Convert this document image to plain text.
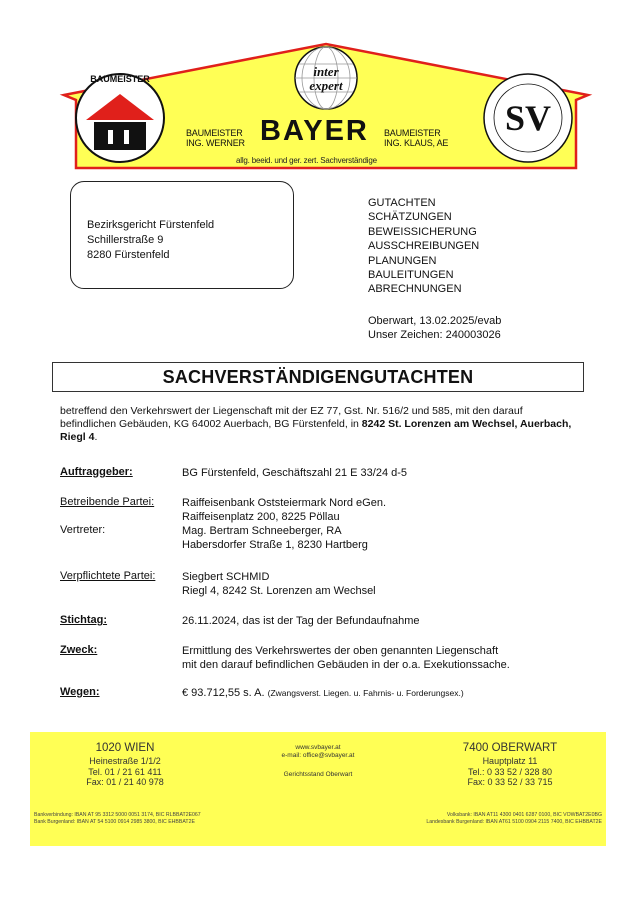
inter
expert
SV
BAUMEISTER
BAUMEISTER
ING. WERNER BAYER BAUMEISTER
ING. KLAUS, AE
allg. beeid. und ger. zert. Sachverständige
Bezirksgericht Fürstenfeld
Schillerstraße 9
8280 Fürstenfeld
GUTACHTEN
SCHÄTZUNGEN
BEWEISSICHERUNG
AUSSCHREIBUNGEN
PLANUNGEN
BAULEITUNGEN
ABRECHNUNGEN
Oberwart, 13.02.2025/evab
Unser Zeichen: 240003026
SACHVERSTÄNDIGENGUTACHTEN
betreffend den Verkehrswert der Liegenschaft mit der EZ 77, Gst. Nr. 516/2 und 585, mit den darauf befindlichen Gebäuden, KG 64002 Auerbach, BG Fürstenfeld, in 8242 St. Lorenzen am Wechsel, Auerbach, Riegl 4.
Auftraggeber:	BG Fürstenfeld, Geschäftszahl 21 E 33/24 d-5
Betreibende Partei:	Raiffeisenbank Oststeiermark Nord eGen.
Raiffeisenplatz 200, 8225 Pöllau
Vertreter:	Mag. Bertram Schneeberger, RA
Habersdorfer Straße 1, 8230 Hartberg
Verpflichtete Partei: Siegbert SCHMID
Riegl 4, 8242 St. Lorenzen am Wechsel
Stichtag:	26.11.2024, das ist der Tag der Befundaufnahme
Zweck:	Ermittlung des Verkehrswertes der oben genannten Liegenschaft
mit den darauf befindlichen Gebäuden in der o.a. Exekutionssache.
Wegen:	€ 93.712,55 s. A. (Zwangsverst. Liegen. u. Fahrnis- u. Forderungsex.)
1020 WIEN
Heinestraße 1/1/2
Tel. 01 / 21 61 411
Fax: 01 / 21 40 978
www.svbayer.at
e-mail: office@svbayer.at
Gerichtsstand Oberwart
7400 OBERWART
Hauptplatz 11
Tel.: 0 33 52 / 328 80
Fax: 0 33 52 / 33 715
Bankverbindung: IBAN AT 95 3312 5000 0051 3174, BIC RLBBAT2E067
Bank Burgenland: IBAN AT 54 5100 0914 2985 3800, BIC EHBBAT2E
Volksbank: IBAN AT11 4300 0401 6287 0100, BIC VOWBAT2E0BG
Landesbank Burgenland: IBAN AT61 5100 0904 2115 7400, BIC EHBBAT2E
